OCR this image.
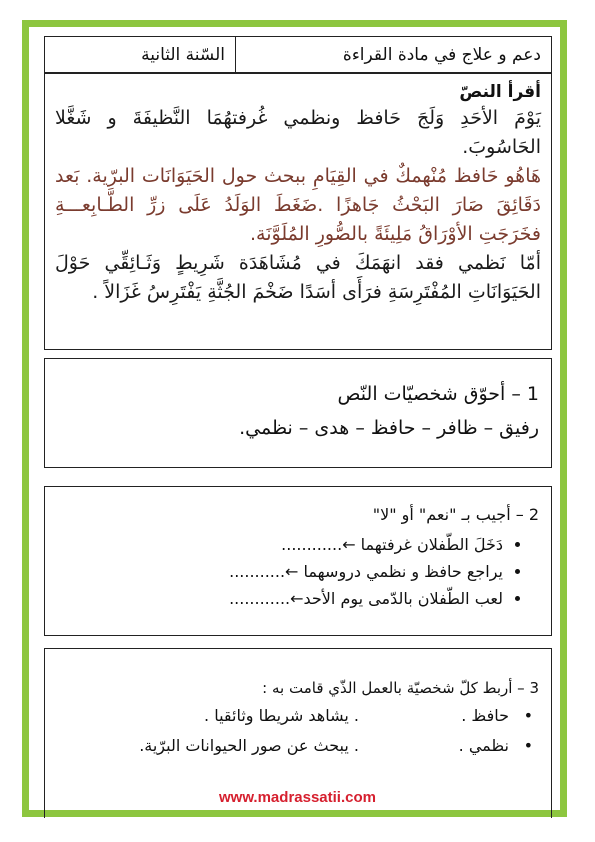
دعم و علاج في مادة القراءة
السّنة الثانية
أقرأ النصّ

يَوْمَ الأحَدِ وَلَجَ حَافظ ونظمي غُرفتهُمَا النَّظيفَةَ و شَغَّلا الحَاسُوبَ.

هَاهُو حَافظ مُنْهمكٌ في القِيَامِ ببحث حول الحَيَوَانَات البرّية. بَعد دَقَائِقَ صَارَ البَحْثُ جَاهزًا .ضَغَطَ الوَلَدُ عَلَى زرِّ الطَّـابِعـــةِ فخَرَجَتِ الأوْرَاقُ مَلِيئَةً بالصُّورِ المُلَوَّنَة.

أمّا نَظمي فقد انهَمَكَ في مُشَاهَدَة شَرِيطٍ وَثَـائِقِّي حَوْلَ الحَيَوَانَاتِ المُفْتَرِسَةِ فرَأَى أسَدًا ضَخْمَ الجُثَّةِ يَفْتَرِسُ غَزَالاً .

1 – أحوّق شخصيّات النّص
رفيق – ظافر – حافظ – هدى – نظمي.
2 – أجيب بـ "نعم" أو "لا"
• دَخَلَ الطّفلان غرفتهما ←............
• يراجع حافظ و نظمي دروسهما ←...........
• لعب الطّفلان بالدّمى يوم الأحد←............
3 – أربط كلّ شخصيّة بالعمل الذّي قامت به :
• حافظ .
. يشاهد شريطا وثائقيا .
• نظمي .
. يبحث عن صور الحيوانات البرّية.
www.madrassatii.com
